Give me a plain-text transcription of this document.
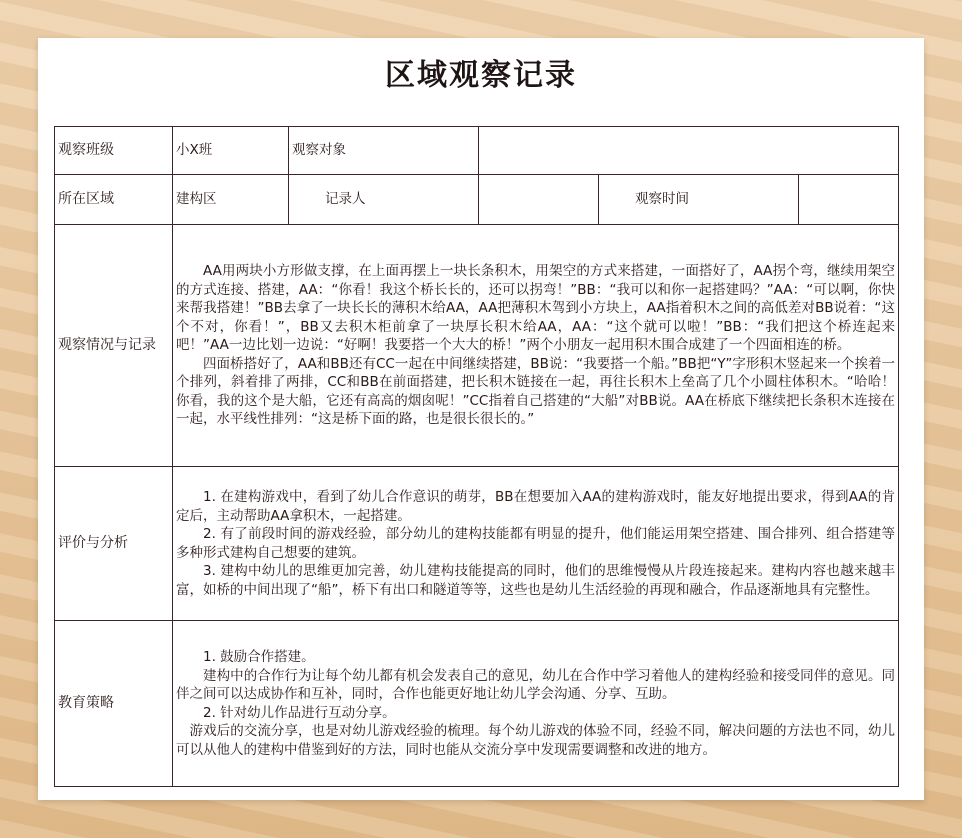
区域观察记录
观察班级	小X班	观察对象			
所在区域	建构区	记录人		观察时间	
观察情况与记录	AA用两块小方形做支撑，在上面再摆上一块长条积木，用架空的方式来搭建，一面搭好了，AA拐个弯，继续用架空的方式连接、搭建，AA：“你看！我这个桥长长的，还可以拐弯！”BB：“我可以和你一起搭建吗？”AA：“可以啊，你快来帮我搭建！”BB去拿了一块长长的薄积木给AA，AA把薄积木驾到小方块上，AA指着积木之间的高低差对BB说着：“这个不对，你看！”，BB又去积木柜前拿了一块厚长积木给AA，AA：“这个就可以啦！”BB：“我们把这个桥连起来吧！”AA一边比划一边说：“好啊！我要搭一个大大的桥！”两个小朋友一起用积木围合成建了一个四面相连的桥。

四面桥搭好了，AA和BB还有CC一起在中间继续搭建，BB说：“我要搭一个船。”BB把“Y”字形积木竖起来一个挨着一个排列，斜着排了两排，CC和BB在前面搭建，把长积木链接在一起，再往长积木上垒高了几个小圆柱体积木。“哈哈！你看，我的这个是大船，它还有高高的烟囱呢！”CC指着自己搭建的“大船”对BB说。AA在桥底下继续把长条积木连接在一起，水平线性排列：“这是桥下面的路，也是很长很长的。”				

评价与分析	1. 在建构游戏中，看到了幼儿合作意识的萌芽，BB在想要加入AA的建构游戏时，能友好地提出要求，得到AA的肯定后，主动帮助AA拿积木，一起搭建。

2. 有了前段时间的游戏经验，部分幼儿的建构技能都有明显的提升，他们能运用架空搭建、围合排列、组合搭建等多种形式建构自己想要的建筑。

3. 建构中幼儿的思维更加完善，幼儿建构技能提高的同时，他们的思维慢慢从片段连接起来。建构内容也越来越丰富，如桥的中间出现了“船”，桥下有出口和隧道等等，这些也是幼儿生活经验的再现和融合，作品逐渐地具有完整性。				

教育策略	1. 鼓励合作搭建。

建构中的合作行为让每个幼儿都有机会发表自己的意见，幼儿在合作中学习着他人的建构经验和接受同伴的意见。同伴之间可以达成协作和互补，同时，合作也能更好地让幼儿学会沟通、分享、互助。

2. 针对幼儿作品进行互动分享。

游戏后的交流分享，也是对幼儿游戏经验的梳理。每个幼儿游戏的体验不同，经验不同，解决问题的方法也不同，幼儿可以从他人的建构中借鉴到好的方法，同时也能从交流分享中发现需要调整和改进的地方。				
